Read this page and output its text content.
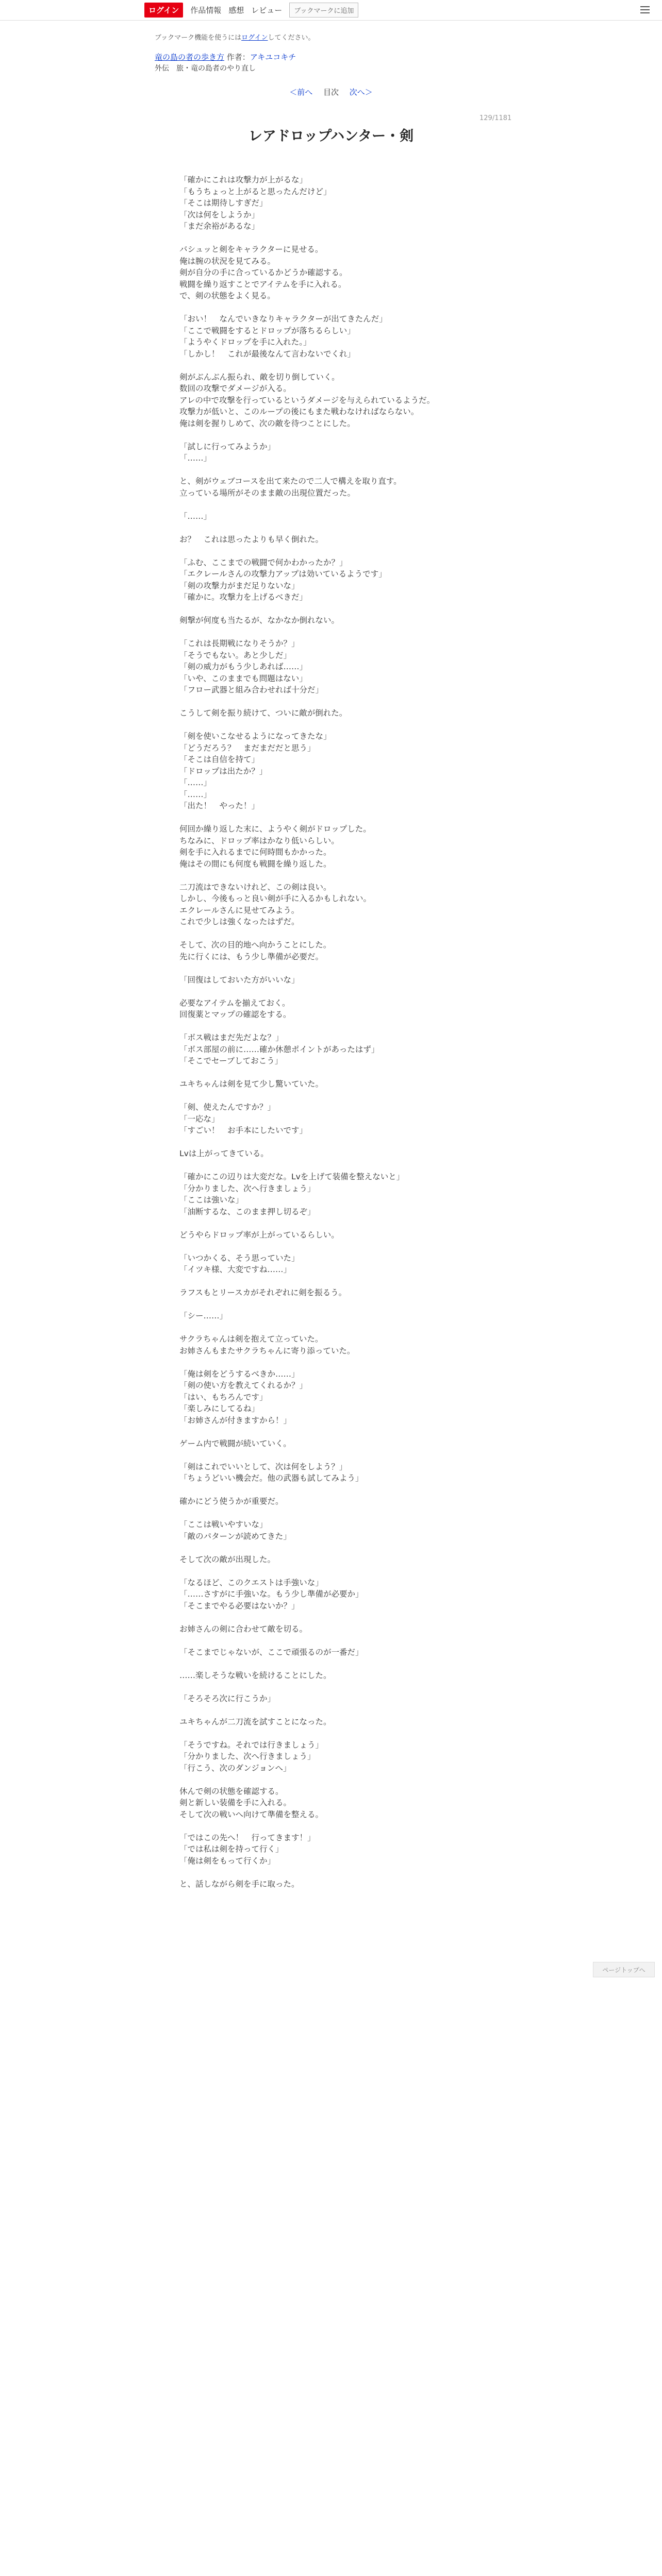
ログイン	作品情報 感想 レビュー	ブックマークに追加
ブックマーク機能を使うにはログインしてください。
竜の島の者の歩き方 作者：アキユコキチ
外伝　旅・竜の島者のやり直し
＜前へ 目次 次へ＞
129/1181
レアドロップハンター・剣

「確かにこれは攻撃力が上がるな」

「もうちょっと上がると思ったんだけど」

「そこは期待しすぎだ」

「次は何をしようか」

「まだ余裕があるな」

バシュッと剣をキャラクターに見せる。

俺は腕の状況を見てみる。

剣が自分の手に合っているかどうか確認する。

戦闘を繰り返すことでアイテムを手に入れる。

で、剣の状態をよく見る。

「おい！　なんでいきなりキャラクターが出てきたんだ」

「ここで戦闘をするとドロップが落ちるらしい」

「ようやくドロップを手に入れた。」

「しかし！　これが最後なんて言わないでくれ」

剣がぶんぶん振られ、敵を切り倒していく。

数回の攻撃でダメージが入る。

アレの中で攻撃を行っているというダメージを与えられているようだ。

攻撃力が低いと、このループの後にもまた戦わなければならない。

俺は剣を握りしめて、次の敵を待つことにした。

「試しに行ってみようか」

「……」

と、剣がウェブコースを出て来たので二人で構えを取り直す。

立っている場所がそのまま敵の出現位置だった。

「……」

お？　これは思ったよりも早く倒れた。

「ふむ、ここまでの戦闘で何かわかったか？」

「エクレールさんの攻撃力アップは効いているようです」

「剣の攻撃力がまだ足りないな」

「確かに。攻撃力を上げるべきだ」

剣撃が何度も当たるが、なかなか倒れない。

「これは長期戦になりそうか？」

「そうでもない。あと少しだ」

「剣の威力がもう少しあれば……」

「いや、このままでも問題はない」

「フロー武器と組み合わせれば十分だ」

こうして剣を振り続けて、ついに敵が倒れた。

「剣を使いこなせるようになってきたな」

「どうだろう？　まだまだだと思う」

「そこは自信を持て」

「ドロップは出たか？」

「……」

「……」

「出た！　やった！」

何回か繰り返した末に、ようやく剣がドロップした。

ちなみに、ドロップ率はかなり低いらしい。

剣を手に入れるまでに何時間もかかった。

俺はその間にも何度も戦闘を繰り返した。

二刀流はできないけれど、この剣は良い。

しかし、今後もっと良い剣が手に入るかもしれない。

エクレールさんに見せてみよう。

これで少しは強くなったはずだ。

そして、次の目的地へ向かうことにした。

先に行くには、もう少し準備が必要だ。

「回復はしておいた方がいいな」

必要なアイテムを揃えておく。

回復薬とマップの確認をする。

「ボス戦はまだ先だよな？」

「ボス部屋の前に……確か休憩ポイントがあったはず」

「そこでセーブしておこう」

ユキちゃんは剣を見て少し驚いていた。

「剣、使えたんですか？」

「一応な」

「すごい！　お手本にしたいです」

Lvは上がってきている。

「確かにこの辺りは大変だな。Lvを上げて装備を整えないと」

「分かりました、次へ行きましょう」

「ここは強いな」

「油断するな、このまま押し切るぞ」

どうやらドロップ率が上がっているらしい。

「いつかくる、そう思っていた」

「イツキ様、大変ですね……」

ラフスもとリースカがそれぞれに剣を振るう。

「シー……」

サクラちゃんは剣を抱えて立っていた。

お姉さんもまたサクラちゃんに寄り添っていた。

「俺は剣をどうするべきか……」

「剣の使い方を教えてくれるか？」

「はい、もちろんです」

「楽しみにしてるね」

「お姉さんが付きますから！」

ゲーム内で戦闘が続いていく。

「剣はこれでいいとして、次は何をしよう？」

「ちょうどいい機会だ。他の武器も試してみよう」

確かにどう使うかが重要だ。

「ここは戦いやすいな」

「敵のパターンが読めてきた」

そして次の敵が出現した。

「なるほど、このクエストは手強いな」

「……さすがに手強いな。もう少し準備が必要か」

「そこまでやる必要はないか？」

お姉さんの剣に合わせて敵を切る。

「そこまでじゃないが、ここで頑張るのが一番だ」

……楽しそうな戦いを続けることにした。

「そろそろ次に行こうか」

ユキちゃんが二刀流を試すことになった。

「そうですね。それでは行きましょう」

「分かりました、次へ行きましょう」

「行こう、次のダンジョンへ」

休んで剣の状態を確認する。

剣と新しい装備を手に入れる。

そして次の戦いへ向けて準備を整える。

「ではこの先へ！　行ってきます！」

「では私は剣を持って行く」

「俺は剣をもって行くか」

と、話しながら剣を手に取った。

ページトップへ
